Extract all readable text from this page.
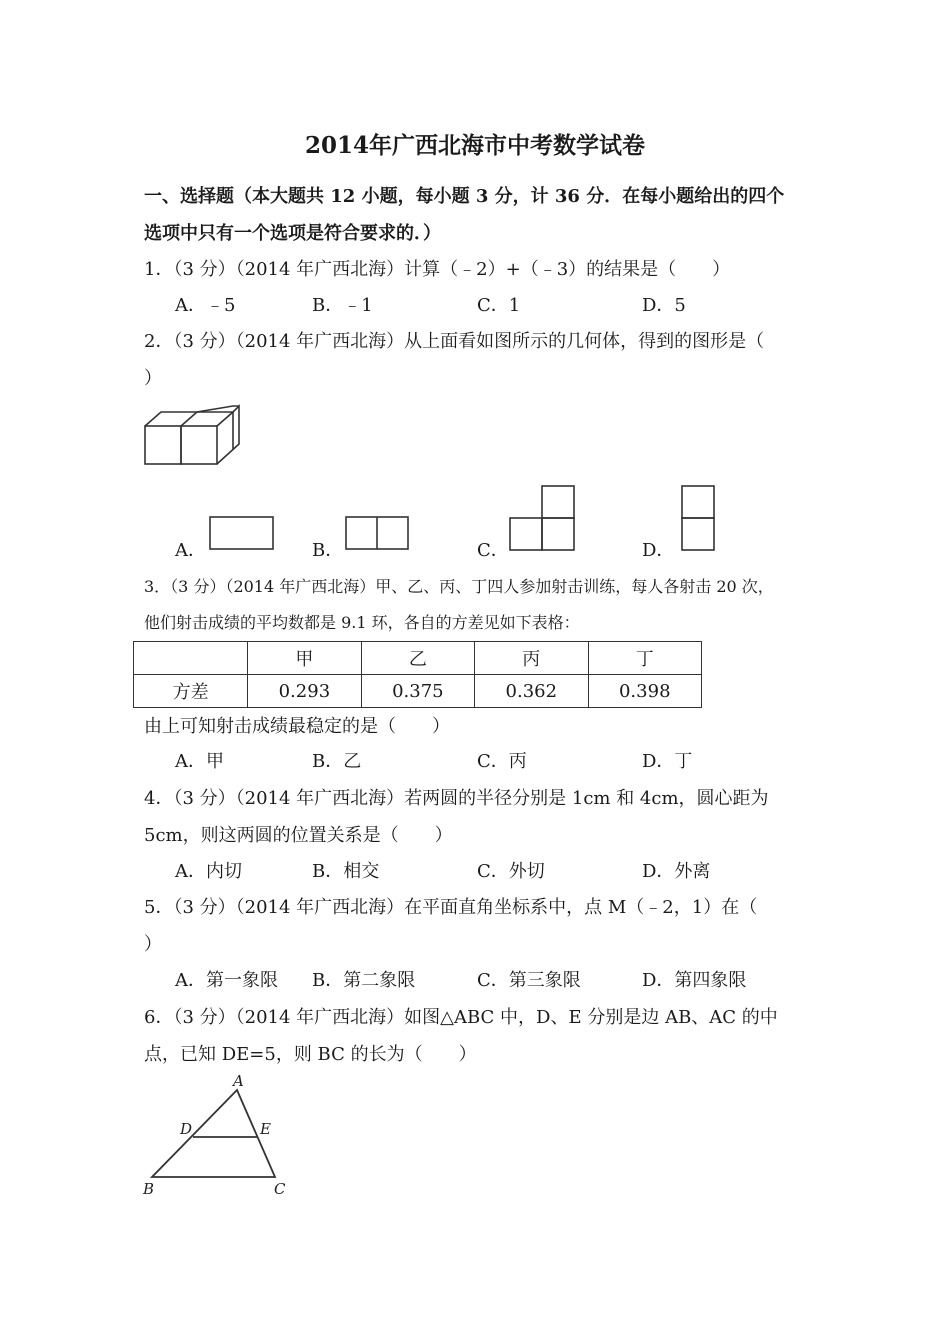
2014年广西北海市中考数学试卷
一、选择题（本大题共 12 小题，每小题 3 分，计 36 分．在每小题给出的四个
选项中只有一个选项是符合要求的．）
1．（3 分）（2014 年广西北海）计算（﹣2）+（﹣3）的结果是（　　）
A．﹣5	B．﹣1	C．1	D．5
2．（3 分）（2014 年广西北海）从上面看如图所示的几何体，得到的图形是（
）
A．	B．	C．	D．
3．（3 分）（2014 年广西北海）甲、乙、丙、丁四人参加射击训练，每人各射击 20 次，
他们射击成绩的平均数都是 9.1 环，各自的方差见如下表格：
	甲	乙	丙	丁
方差	0.293	0.375	0.362	0.398
由上可知射击成绩最稳定的是（　　）
A．甲	B．乙	C．丙	D．丁
4．（3 分）（2014 年广西北海）若两圆的半径分别是 1cm 和 4cm，圆心距为
5cm，则这两圆的位置关系是（　　）
A．内切	B．相交	C．外切	D．外离
5．（3 分）（2014 年广西北海）在平面直角坐标系中，点 M（﹣2，1）在（
）
A．第一象限 B．第二象限	C．第三象限	D．第四象限
6．（3 分）（2014 年广西北海）如图△ABC 中，D、E 分别是边 AB、AC 的中
点，已知 DE=5，则 BC 的长为（　　）
A
D	E
B	C
